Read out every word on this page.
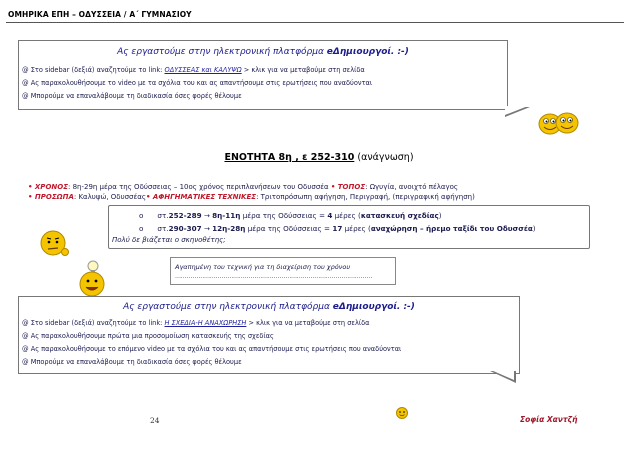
ΟΜΗΡΙΚΑ ΕΠΗ – ΟΔΥΣΣΕΙΑ / Α΄ ΓΥΜΝΑΣΙΟΥ
Ας εργαστούμε στην ηλεκτρονική πλατφόρμα eΔημιουργοί. :-)
@ Στο sidebar (δεξιά) αναζητούμε το link: ΟΔΥΣΣΕΑΣ και ΚΑΛΥΨΩ > κλικ για να μεταβούμε στη σελίδα
@ Ας παρακολουθήσουμε το video με τα σχόλια του και ας απαντήσουμε στις ερωτήσεις που αναδύονται
@ Μπορούμε να επαναλάβουμε τη διαδικασία όσες φορές θέλουμε
ΕΝΟΤΗΤΑ 8η , ε 252-310 (ανάγνωση)
• ΧΡΟΝΟΣ: 8η-29η μέρα της Οδύσσειας – 10ος χρόνος περιπλανήσεων του Οδυσσέα • ΤΟΠΟΣ: Ωγυγία, ανοιχτό πέλαγος
• ΠΡΟΣΩΠΑ: Καλυψώ, Οδυσσέας• ΑΦΗΓΗΜΑΤΙΚΕΣ ΤΕΧΝΙΚΕΣ: Τριτοπρόσωπη αφήγηση, Περιγραφή, (περιγραφική αφήγηση)
o στ.252-289 → 8η-11η μέρα της Οδύσσειας = 4 μέρες (κατασκευή σχεδίας)
o στ.290-307 → 12η-28η μέρα της Οδύσσειας = 17 μέρες (αναχώρηση – ήρεμο ταξίδι του Οδυσσέα)
Πολύ δε βιάζεται ο σκηνοθέτης;
Αγαπημένη του τεχνική για τη διαχείριση του χρόνου
…………………………………………………………………………………………
Ας εργαστούμε στην ηλεκτρονική πλατφόρμα eΔημιουργοί. :-)
@ Στο sidebar (δεξιά) αναζητούμε το link: Η ΣΧΕΔΙΑ-Η ΑΝΑΧΩΡΗΣΗ > κλικ για να μεταβούμε στη σελίδα
@ Ας παρακολουθήσουμε πρώτα μια προσομοίωση κατασκευής της σχεδίας
@ Ας παρακολουθήσουμε το επόμενο video με τα σχόλια του και ας απαντήσουμε στις ερωτήσεις που αναδύονται
@ Μπορούμε να επαναλάβουμε τη διαδικασία όσες φορές θέλουμε
24	Σοφία Χαντζή
